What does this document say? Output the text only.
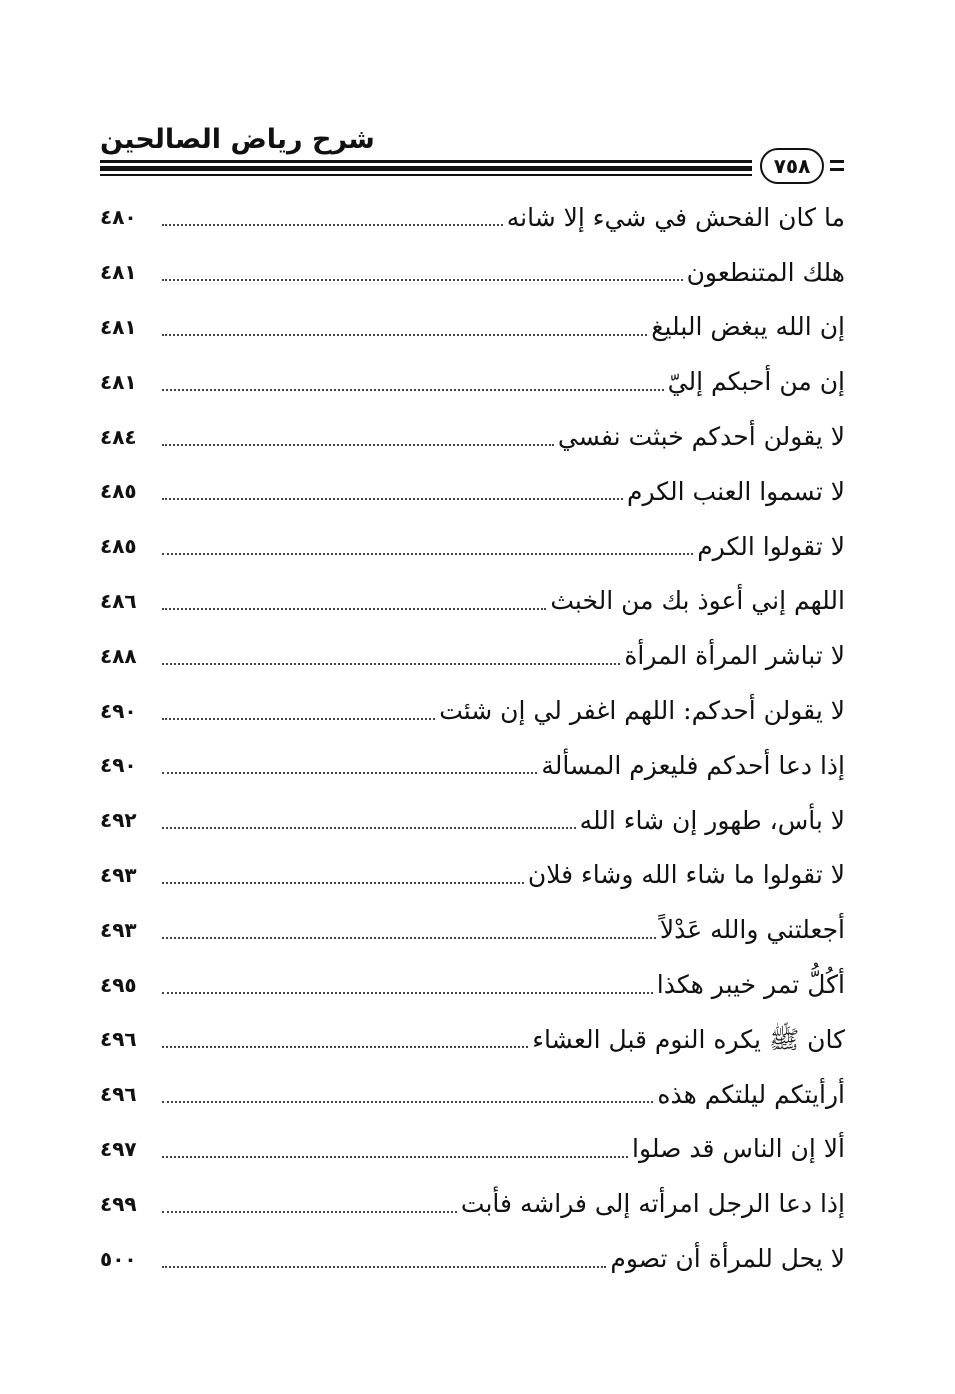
شرح رياض الصالحين
٧٥٨
٤٨٠	ما كان الفحش في شيء إلا شانه
٤٨١	هلك المتنطعون
٤٨١	إن الله يبغض البليغ
٤٨١	إن من أحبكم إليّ
٤٨٤	لا يقولن أحدكم خبثت نفسي
٤٨٥	لا تسموا العنب الكرم
٤٨٥	لا تقولوا الكرم
٤٨٦	اللهم إني أعوذ بك من الخبث
٤٨٨	لا تباشر المرأة المرأة
٤٩٠	لا يقولن أحدكم: اللهم اغفر لي إن شئت
٤٩٠	إذا دعا أحدكم فليعزم المسألة
٤٩٢	لا بأس، طهور إن شاء الله
٤٩٣	لا تقولوا ما شاء الله وشاء فلان
٤٩٣	أجعلتني والله عَدْلاً
٤٩٥	أكُلُّ تمر خيبر هكذا
٤٩٦	كان ﷺ يكره النوم قبل العشاء
٤٩٦	أرأيتكم ليلتكم هذه
٤٩٧	ألا إن الناس قد صلوا
٤٩٩	إذا دعا الرجل امرأته إلى فراشه فأبت
٥٠٠	لا يحل للمرأة أن تصوم
